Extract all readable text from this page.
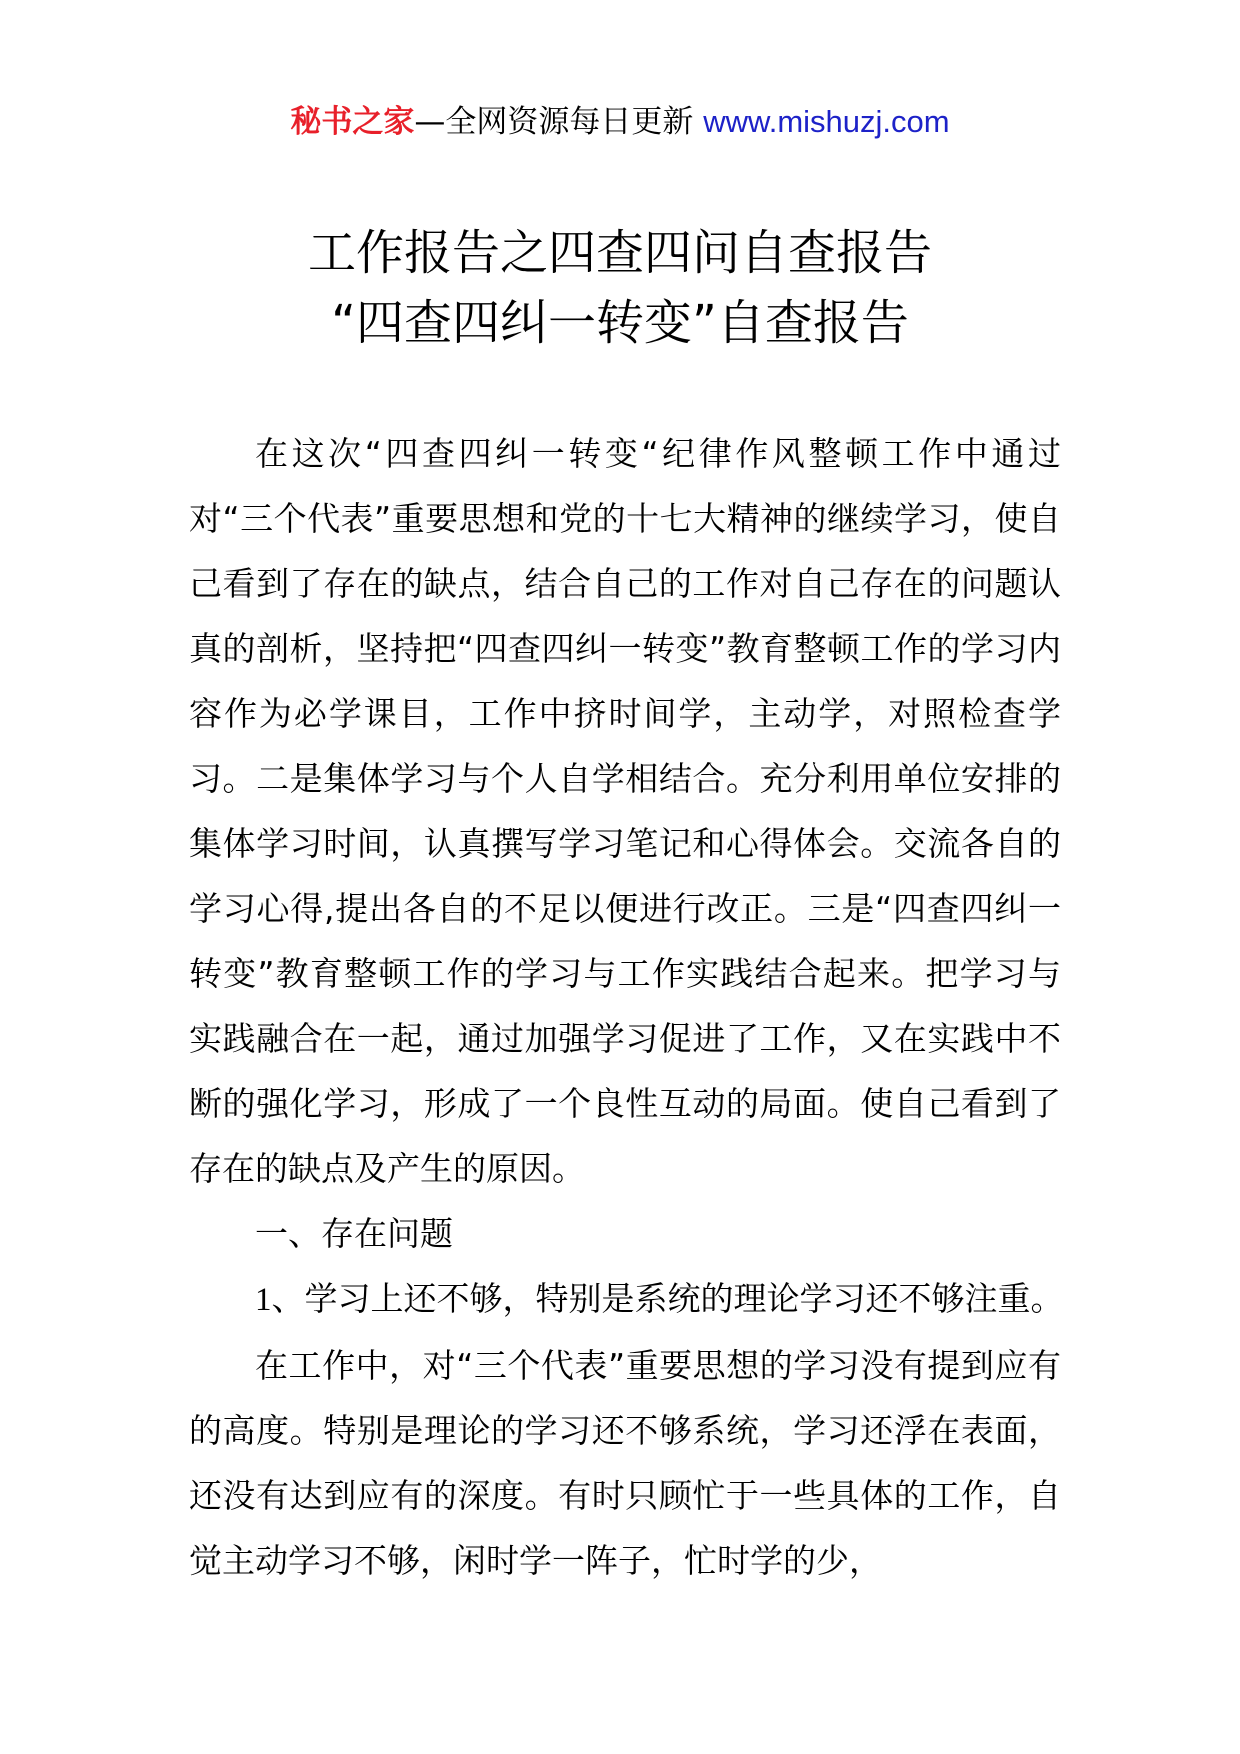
秘书之家—全网资源每日更新 www.mishuzj.com
工作报告之四查四问自查报告
“四查四纠一转变”自查报告

在这次“四查四纠一转变“纪律作风整顿工作中通过对“三个代表”重要思想和党的十七大精神的继续学习，使自己看到了存在的缺点，结合自己的工作对自己存在的问题认真的剖析，坚持把“四查四纠一转变”教育整顿工作的学习内容作为必学课目，工作中挤时间学，主动学，对照检查学习。二是集体学习与个人自学相结合。充分利用单位安排的集体学习时间，认真撰写学习笔记和心得体会。交流各自的学习心得,提出各自的不足以便进行改正。三是“四查四纠一转变”教育整顿工作的学习与工作实践结合起来。把学习与实践融合在一起，通过加强学习促进了工作，又在实践中不断的强化学习，形成了一个良性互动的局面。使自己看到了存在的缺点及产生的原因。

一、存在问题

1、学习上还不够，特别是系统的理论学习还不够注重。

在工作中，对“三个代表”重要思想的学习没有提到应有的高度。特别是理论的学习还不够系统，学习还浮在表面，还没有达到应有的深度。有时只顾忙于一些具体的工作，自觉主动学习不够，闲时学一阵子，忙时学的少，
